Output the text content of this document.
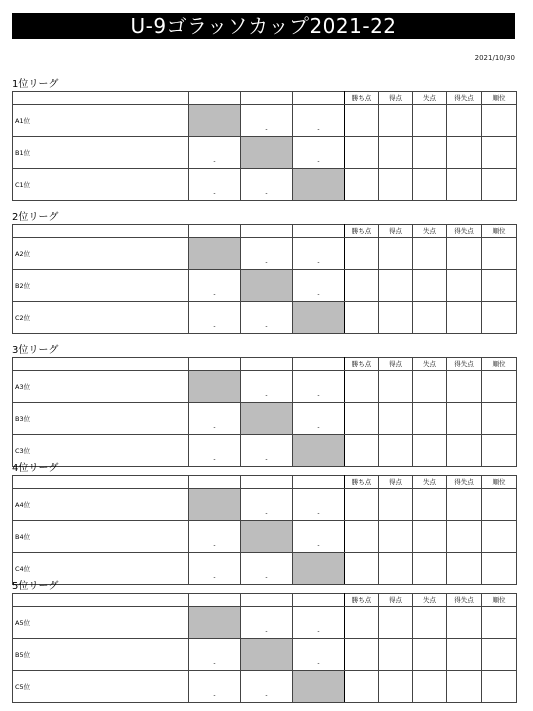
U-9ゴラッソカップ2021-22
2021/10/30
1位リーグ
				勝ち点	得点	失点	得失点	順位
A1位		-	-					
B1位	-		-					
C1位	-	-						
2位リーグ
				勝ち点	得点	失点	得失点	順位
A2位		-	-					
B2位	-		-					
C2位	-	-						
3位リーグ
				勝ち点	得点	失点	得失点	順位
A3位		-	-					
B3位	-		-					
C3位	-	-						
4位リーグ
				勝ち点	得点	失点	得失点	順位
A4位		-	-					
B4位	-		-					
C4位	-	-						
5位リーグ
				勝ち点	得点	失点	得失点	順位
A5位		-	-					
B5位	-		-					
C5位	-	-						
